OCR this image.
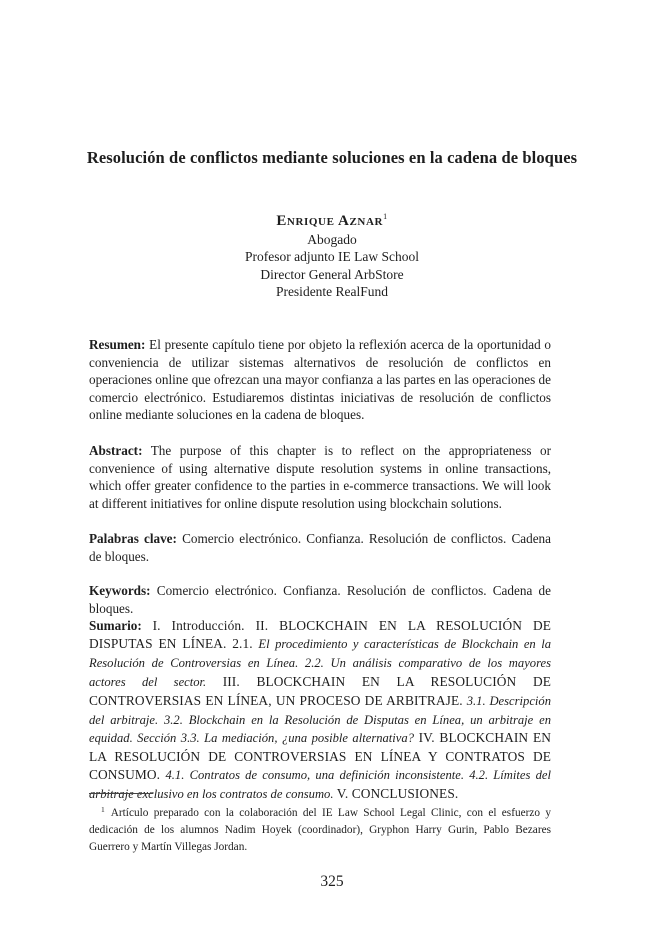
Resolución de conflictos mediante soluciones en la cadena de bloques
Enrique Aznar$^1$
Abogado
Profesor adjunto IE Law School
Director General ArbStore
Presidente RealFund

Resumen: El presente capítulo tiene por objeto la reflexión acerca de la oportunidad o conveniencia de utilizar sistemas alternativos de resolución de conflictos en operaciones online que ofrezcan una mayor confianza a las partes en las operaciones de comercio electrónico. Estudiaremos distintas iniciativas de resolución de conflictos online mediante soluciones en la cadena de bloques.

Abstract: The purpose of this chapter is to reflect on the appropriateness or convenience of using alternative dispute resolution systems in online transactions, which offer greater confidence to the parties in e-commerce transactions. We will look at different initiatives for online dispute resolution using blockchain solutions.

Palabras clave: Comercio electrónico. Confianza. Resolución de conflictos. Cadena de bloques.

Keywords: Comercio electrónico. Confianza. Resolución de conflictos. Cadena de bloques.

Sumario: I. Introducción. II. BLOCKCHAIN EN LA RESOLUCIÓN DE DISPUTAS EN LÍNEA. 2.1. El procedimiento y características de Blockchain en la Resolución de Controversias en Línea. 2.2. Un análisis comparativo de los mayores actores del sector. III. BLOCKCHAIN EN LA RESOLUCIÓN DE CONTROVERSIAS EN LÍNEA, UN PROCESO DE ARBITRAJE. 3.1. Descripción del arbitraje. 3.2. Blockchain en la Resolución de Disputas en Línea, un arbitraje en equidad. Sección 3.3. La mediación, ¿una posible alternativa? IV. BLOCKCHAIN EN LA RESOLUCIÓN DE CONTROVERSIAS EN LÍNEA Y CONTRATOS DE CONSUMO. 4.1. Contratos de consumo, una definición inconsistente. 4.2. Límites del arbitraje exclusivo en los contratos de consumo. V. CONCLUSIONES.

$^1$ Artículo preparado con la colaboración del IE Law School Legal Clinic, con el esfuerzo y dedicación de los alumnos Nadim Hoyek (coordinador), Gryphon Harry Gurin, Pablo Bezares Guerrero y Martín Villegas Jordan.

325
